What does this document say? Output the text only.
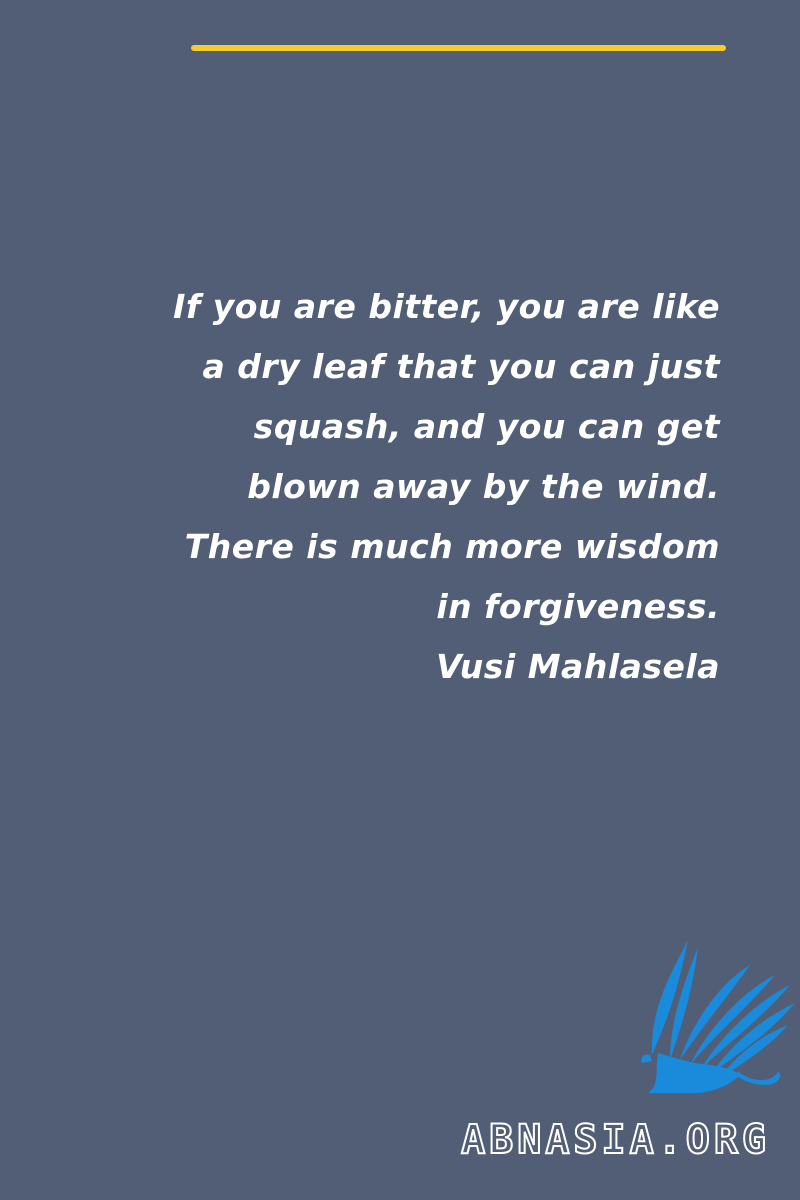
If you are bitter, you are like
a dry leaf that you can just
squash, and you can get
blown away by the wind.
There is much more wisdom
in forgiveness.
Vusi Mahlasela
ABNASIA.ORG
